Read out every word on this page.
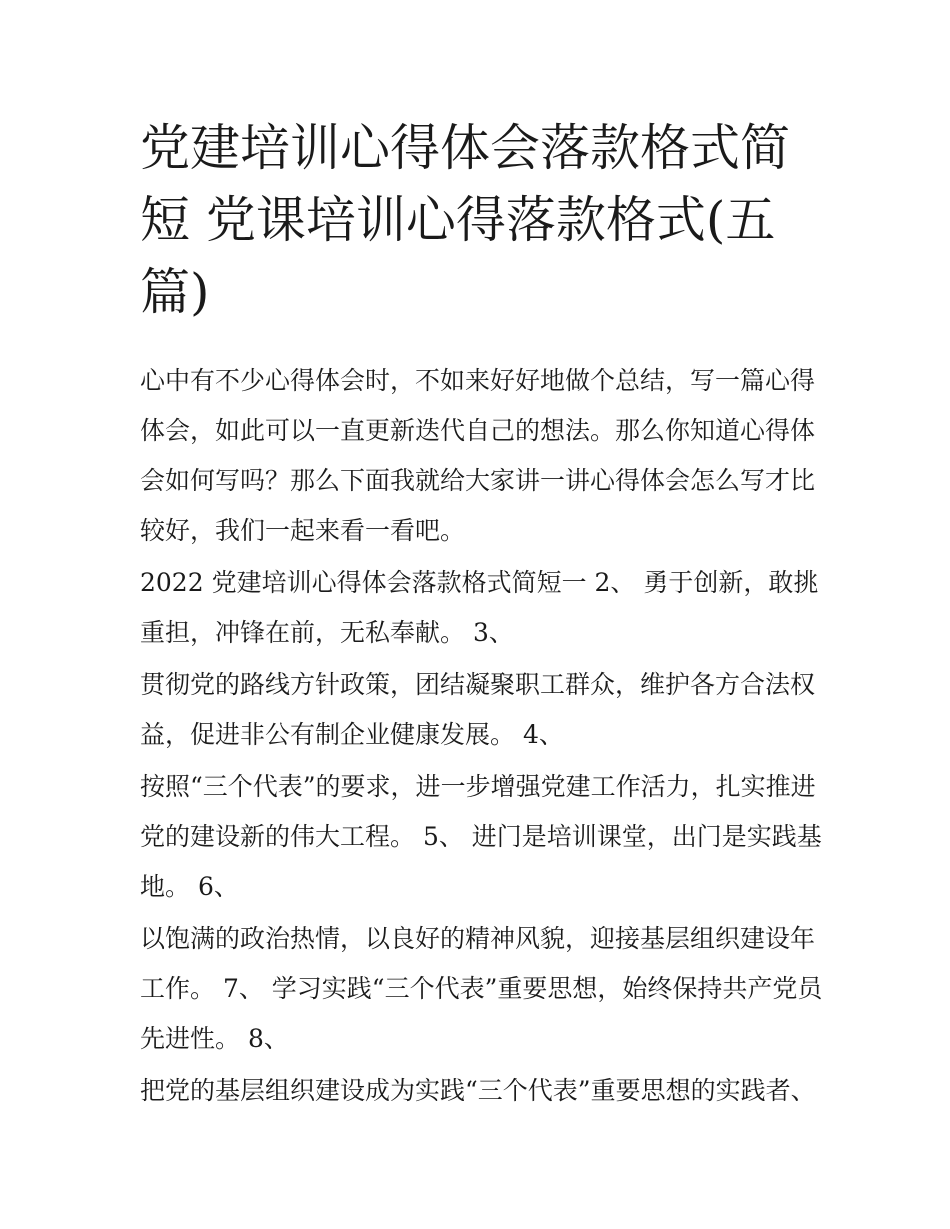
党建培训心得体会落款格式简短 党课培训心得落款格式(五篇)

心中有不少心得体会时，不如来好好地做个总结，写一篇心得

体会，如此可以一直更新迭代自己的想法。那么你知道心得体

会如何写吗？那么下面我就给大家讲一讲心得体会怎么写才比

较好，我们一起来看一看吧。

2022 党建培训心得体会落款格式简短一 2、 勇于创新，敢挑

重担，冲锋在前，无私奉献。 3、

贯彻党的路线方针政策，团结凝聚职工群众，维护各方合法权

益，促进非公有制企业健康发展。 4、

按照“三个代表”的要求，进一步增强党建工作活力，扎实推进

党的建设新的伟大工程。 5、 进门是培训课堂，出门是实践基

地。 6、

以饱满的政治热情，以良好的精神风貌，迎接基层组织建设年

工作。 7、 学习实践“三个代表”重要思想，始终保持共产党员

先进性。 8、

把党的基层组织建设成为实践“三个代表”重要思想的实践者、
